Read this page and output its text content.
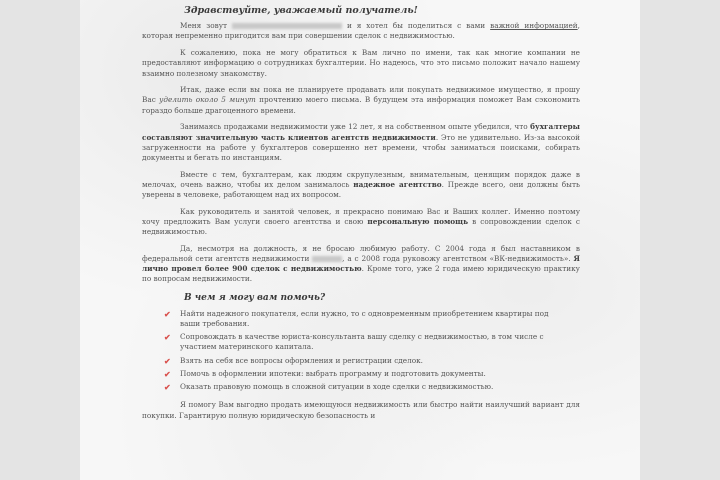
Здравствуйте, уважаемый получатель!

Меня зовут	и я хотел бы поделиться с вами важной информацией, которая непременно пригодится вам при совершении сделок с недвижимостью.

К сожалению, пока не могу обратиться к Вам лично по имени, так как многие компании не предоставляют информацию о сотрудниках бухгалтерии. Но надеюсь, что это письмо положит начало нашему взаимно полезному знакомству.

Итак, даже если вы пока не планируете продавать или покупать недвижимое имущество, я прошу Вас уделить около 5 минут прочтению моего письма. В будущем эта информация поможет Вам сэкономить гораздо больше драгоценного времени.

Занимаясь продажами недвижимости уже 12 лет, я на собственном опыте убедился, что бухгалтеры составляют значительную часть клиентов агентств недвижимости. Это не удивительно. Из-за высокой загруженности на работе у бухгалтеров совершенно нет времени, чтобы заниматься поисками, собирать документы и бегать по инстанциям.

Вместе с тем, бухгалтерам, как людям скрупулезным, внимательным, ценящим порядок даже в мелочах, очень важно, чтобы их делом занималось надежное агентство. Прежде всего, они должны быть уверены в человеке, работающем над их вопросом.

Как руководитель и занятой человек, я прекрасно понимаю Вас и Ваших коллег. Именно поэтому хочу предложить Вам услуги своего агентства и свою персональную помощь в сопровождении сделок с недвижимостью.

Да, несмотря на должность, я не бросаю любимую работу. С 2004 года я был наставником в федеральной сети агентств недвижимости	, а с 2008 года руковожу агентством «ВК-недвижимость». Я лично провел более 900 сделок с недвижимостью. Кроме того, уже 2 года имею юридическую практику по вопросам недвижимости.

В чем я могу вам помочь?
✔ Найти надежного покупателя, если нужно, то с одновременным приобретением квартиры под ваши требования.
✔ Сопровождать в качестве юриста-консультанта вашу сделку с недвижимостью, в том числе с участием материнского капитала.
✔ Взять на себя все вопросы оформления и регистрации сделок.
✔ Помочь в оформлении ипотеки: выбрать программу и подготовить документы.
✔ Оказать правовую помощь в сложной ситуации в ходе сделки с недвижимостью.

Я помогу Вам выгодно продать имеющуюся недвижимость или быстро найти наилучший вариант для покупки. Гарантирую полную юридическую безопасность и
